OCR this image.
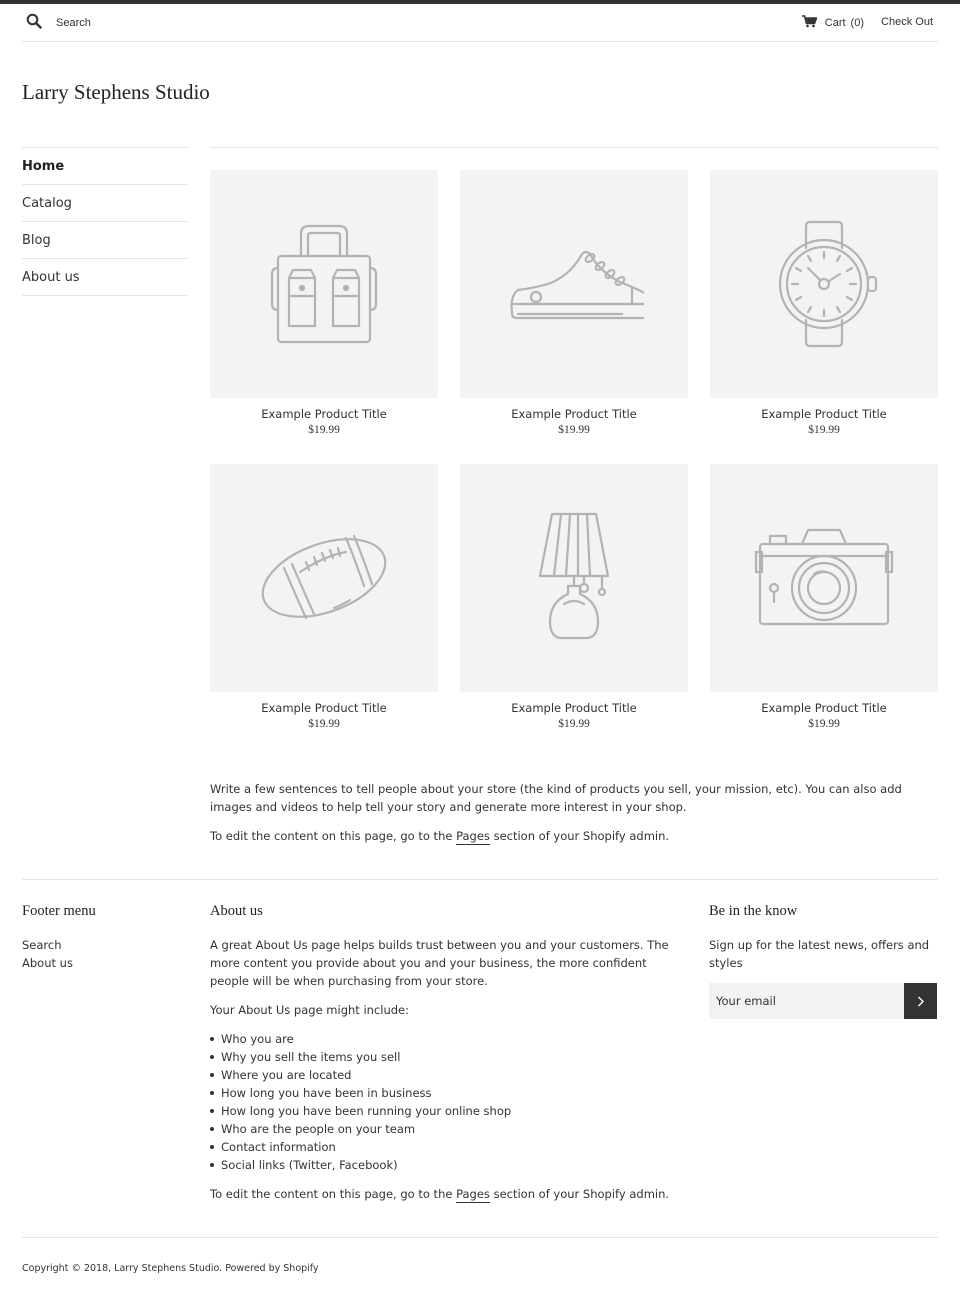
Search
Cart (0) Check Out
Larry Stephens Studio
Home
Catalog
Blog
About us
Example Product Title
$19.99
Example Product Title
$19.99
Example Product Title
$19.99
Example Product Title
$19.99
Example Product Title
$19.99
Example Product Title
$19.99

Write a few sentences to tell people about your store (the kind of products you sell, your mission, etc). You can also add images and videos to help tell your story and generate more interest in your shop.

To edit the content on this page, go to the Pages section of your Shopify admin.

Footer menu
Search
About us
About us

A great About Us page helps builds trust between you and your customers. The more content you provide about you and your business, the more confident people will be when purchasing from your store.

Your About Us page might include:

Who you are
Why you sell the items you sell
Where you are located
How long you have been in business
How long you have been running your online shop
Who are the people on your team
Contact information
Social links (Twitter, Facebook)

To edit the content on this page, go to the Pages section of your Shopify admin.

Be in the know
Sign up for the latest news, offers and styles
Your email
Copyright © 2018, Larry Stephens Studio. Powered by Shopify
